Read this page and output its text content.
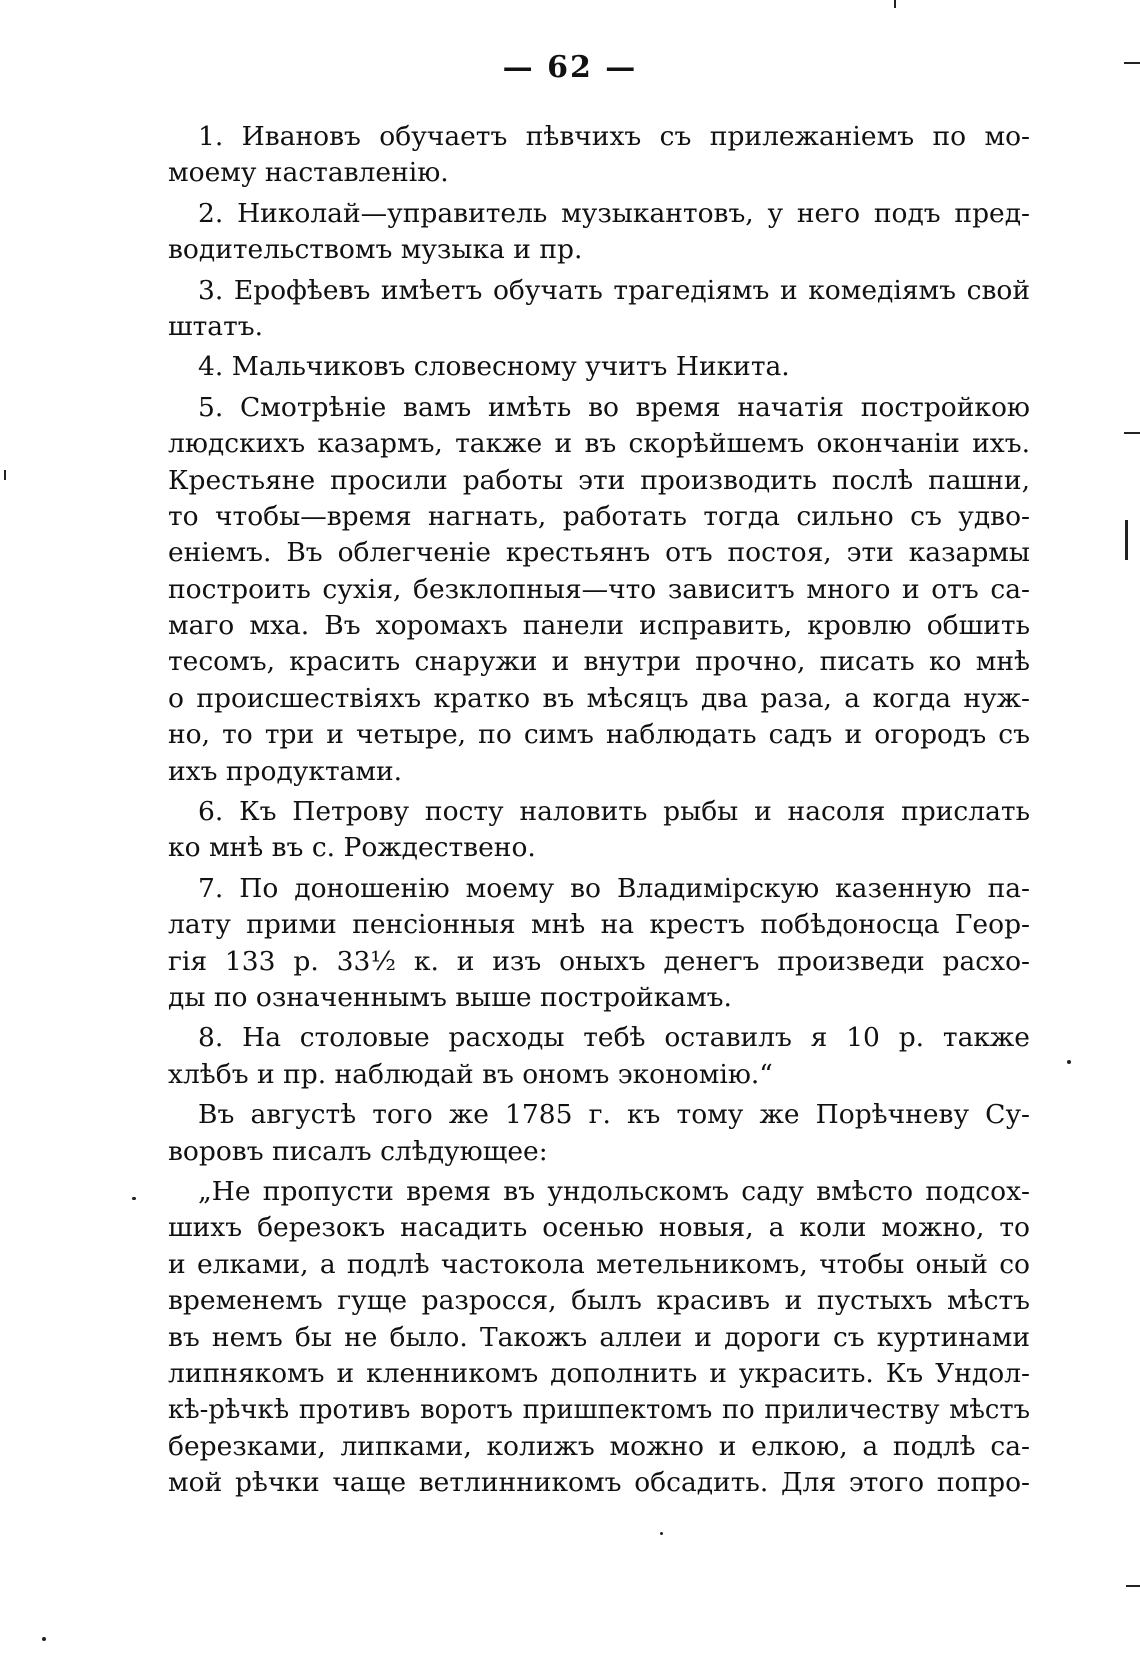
— 62 —
1. Ивановъ обучаетъ пѣвчихъ съ прилежаніемъ по мо-
моему наставленію.
2. Николай—управитель музыкантовъ, у него подъ пред-
водительствомъ музыка и пр.
3. Ерофѣевъ имѣетъ обучать трагедіямъ и комедіямъ свой
штатъ.
4. Мальчиковъ словесному учитъ Никита.
5. Смотрѣніе вамъ имѣть во время начатія постройкою
людскихъ казармъ, также и въ скорѣйшемъ окончаніи ихъ.
Крестьяне просили работы эти производить послѣ пашни,
то чтобы—время нагнать, работать тогда сильно съ удво-
еніемъ. Въ облегченіе крестьянъ отъ постоя, эти казармы
построить сухія, безклопныя—что зависитъ много и отъ са-
маго мха. Въ хоромахъ панели исправить, кровлю обшить
тесомъ, красить снаружи и внутри прочно, писать ко мнѣ
о происшествіяхъ кратко въ мѣсяцъ два раза, а когда нуж-
но, то три и четыре, по симъ наблюдать садъ и огородъ съ
ихъ продуктами.
6. Къ Петрову посту наловить рыбы и насоля прислать
ко мнѣ въ с. Рождествено.
7. По доношенію моему во Владимірскую казенную па-
лату прими пенсіонныя мнѣ на крестъ побѣдоносца Геор-
гія 133 р. 33½ к. и изъ оныхъ денегъ произведи расхо-
ды по означеннымъ выше постройкамъ.
8. На столовые расходы тебѣ оставилъ я 10 р. также
хлѣбъ и пр. наблюдай въ ономъ экономію.“
Въ августѣ того же 1785 г. къ тому же Порѣчневу Су-
воровъ писалъ слѣдующее:
„Не пропусти время въ ундольскомъ саду вмѣсто подсох-
шихъ березокъ насадить осенью новыя, а коли можно, то
и елками, а подлѣ частокола метельникомъ, чтобы оный со
временемъ гуще разросся, былъ красивъ и пустыхъ мѣстъ
въ немъ бы не было. Такожъ аллеи и дороги съ куртинами
липнякомъ и кленникомъ дополнить и украсить. Къ Ундол-
кѣ-рѣчкѣ противъ воротъ пришпектомъ по приличеству мѣстъ
березками, липками, колижъ можно и елкою, а подлѣ са-
мой рѣчки чаще ветлинникомъ обсадить. Для этого попро-
